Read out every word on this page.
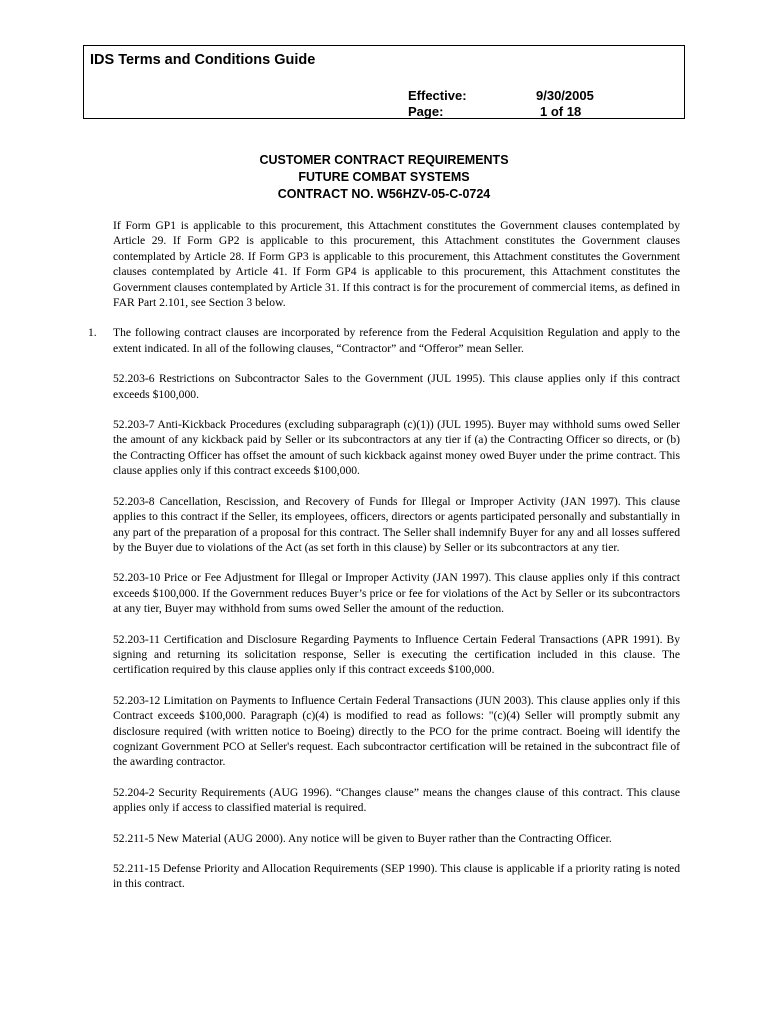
IDS Terms and Conditions Guide
Effective:	9/30/2005
Page:	1 of 18
CUSTOMER CONTRACT REQUIREMENTS
FUTURE COMBAT SYSTEMS
CONTRACT NO. W56HZV-05-C-0724

If Form GP1 is applicable to this procurement, this Attachment constitutes the Government clauses contemplated by Article 29. If Form GP2 is applicable to this procurement, this Attachment constitutes the Government clauses contemplated by Article 28. If Form GP3 is applicable to this procurement, this Attachment constitutes the Government clauses contemplated by Article 41. If Form GP4 is applicable to this procurement, this Attachment constitutes the Government clauses contemplated by Article 31. If this contract is for the procurement of commercial items, as defined in FAR Part 2.101, see Section 3 below.

1. The following contract clauses are incorporated by reference from the Federal Acquisition Regulation and apply to the extent indicated. In all of the following clauses, “Contractor” and “Offeror” mean Seller.

52.203-6 Restrictions on Subcontractor Sales to the Government (JUL 1995). This clause applies only if this contract exceeds $100,000.

52.203-7 Anti-Kickback Procedures (excluding subparagraph (c)(1)) (JUL 1995). Buyer may withhold sums owed Seller the amount of any kickback paid by Seller or its subcontractors at any tier if (a) the Contracting Officer so directs, or (b) the Contracting Officer has offset the amount of such kickback against money owed Buyer under the prime contract. This clause applies only if this contract exceeds $100,000.

52.203-8 Cancellation, Rescission, and Recovery of Funds for Illegal or Improper Activity (JAN 1997). This clause applies to this contract if the Seller, its employees, officers, directors or agents participated personally and substantially in any part of the preparation of a proposal for this contract. The Seller shall indemnify Buyer for any and all losses suffered by the Buyer due to violations of the Act (as set forth in this clause) by Seller or its subcontractors at any tier.

52.203-10 Price or Fee Adjustment for Illegal or Improper Activity (JAN 1997). This clause applies only if this contract exceeds $100,000. If the Government reduces Buyer’s price or fee for violations of the Act by Seller or its subcontractors at any tier, Buyer may withhold from sums owed Seller the amount of the reduction.

52.203-11 Certification and Disclosure Regarding Payments to Influence Certain Federal Transactions (APR 1991). By signing and returning its solicitation response, Seller is executing the certification included in this clause. The certification required by this clause applies only if this contract exceeds $100,000.

52.203-12 Limitation on Payments to Influence Certain Federal Transactions (JUN 2003). This clause applies only if this Contract exceeds $100,000. Paragraph (c)(4) is modified to read as follows: "(c)(4) Seller will promptly submit any disclosure required (with written notice to Boeing) directly to the PCO for the prime contract. Boeing will identify the cognizant Government PCO at Seller's request. Each subcontractor certification will be retained in the subcontract file of the awarding contractor.

52.204-2 Security Requirements (AUG 1996). “Changes clause” means the changes clause of this contract. This clause applies only if access to classified material is required.

52.211-5 New Material (AUG 2000). Any notice will be given to Buyer rather than the Contracting Officer.

52.211-15 Defense Priority and Allocation Requirements (SEP 1990). This clause is applicable if a priority rating is noted in this contract.
